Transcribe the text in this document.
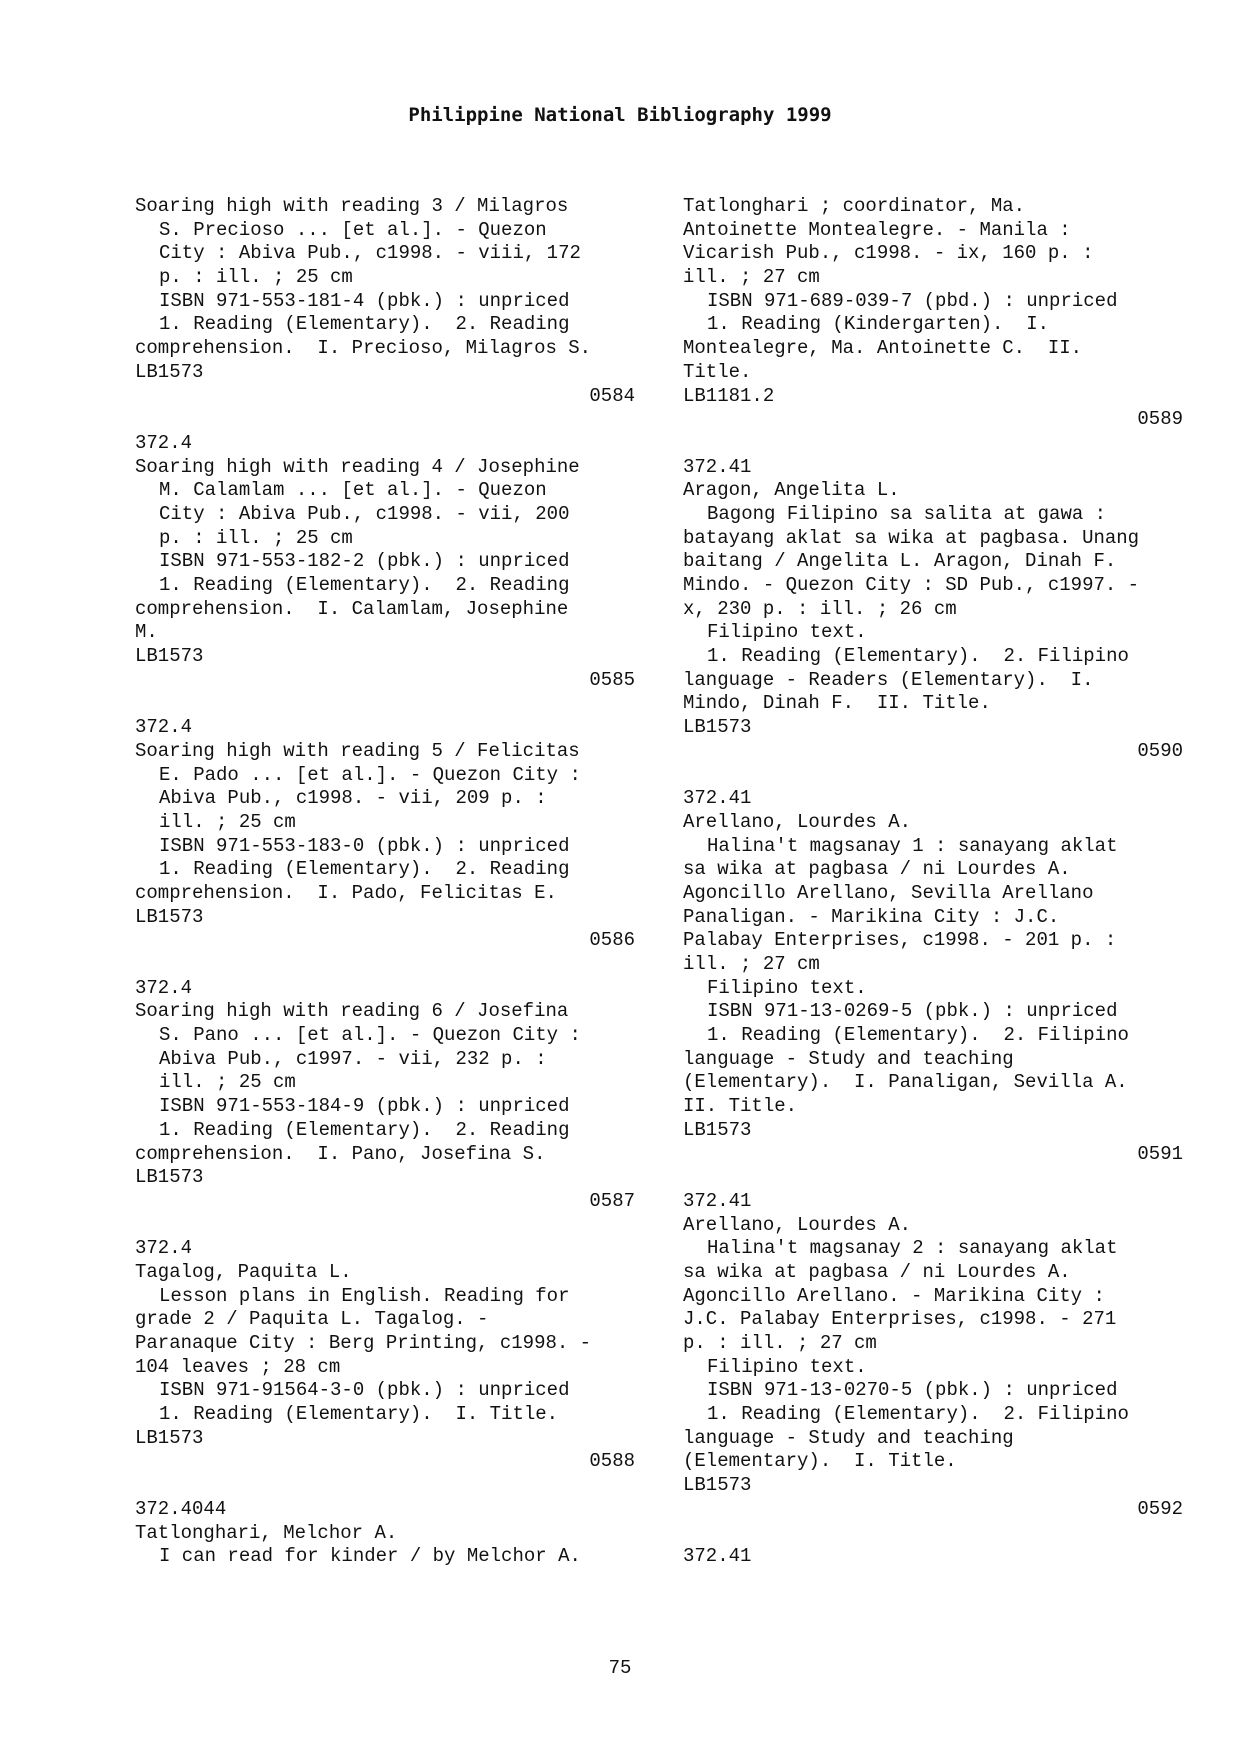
Philippine National Bibliography 1999
Soaring high with reading 3 / Milagros
S. Precioso ... [et al.]. - Quezon
City : Abiva Pub., c1998. - viii, 172
p. : ill. ; 25 cm
ISBN 971-553-181-4 (pbk.) : unpriced
1. Reading (Elementary).  2. Reading
comprehension.  I. Precioso, Milagros S.
LB1573
0584
372.4
Soaring high with reading 4 / Josephine
M. Calamlam ... [et al.]. - Quezon
City : Abiva Pub., c1998. - vii, 200
p. : ill. ; 25 cm
ISBN 971-553-182-2 (pbk.) : unpriced
1. Reading (Elementary).  2. Reading
comprehension.  I. Calamlam, Josephine
M.
LB1573
0585
372.4
Soaring high with reading 5 / Felicitas
E. Pado ... [et al.]. - Quezon City :
Abiva Pub., c1998. - vii, 209 p. :
ill. ; 25 cm
ISBN 971-553-183-0 (pbk.) : unpriced
1. Reading (Elementary).  2. Reading
comprehension.  I. Pado, Felicitas E.
LB1573
0586
372.4
Soaring high with reading 6 / Josefina
S. Pano ... [et al.]. - Quezon City :
Abiva Pub., c1997. - vii, 232 p. :
ill. ; 25 cm
ISBN 971-553-184-9 (pbk.) : unpriced
1. Reading (Elementary).  2. Reading
comprehension.  I. Pano, Josefina S.
LB1573
0587
372.4
Tagalog, Paquita L.
Lesson plans in English. Reading for
grade 2 / Paquita L. Tagalog. -
Paranaque City : Berg Printing, c1998. -
104 leaves ; 28 cm
ISBN 971-91564-3-0 (pbk.) : unpriced
1. Reading (Elementary).  I. Title.
LB1573
0588
372.4044
Tatlonghari, Melchor A.
I can read for kinder / by Melchor A.
Tatlonghari ; coordinator, Ma.
Antoinette Montealegre. - Manila :
Vicarish Pub., c1998. - ix, 160 p. :
ill. ; 27 cm
ISBN 971-689-039-7 (pbd.) : unpriced
1. Reading (Kindergarten).  I.
Montealegre, Ma. Antoinette C.  II.
Title.
LB1181.2
0589
372.41
Aragon, Angelita L.
Bagong Filipino sa salita at gawa :
batayang aklat sa wika at pagbasa. Unang
baitang / Angelita L. Aragon, Dinah F.
Mindo. - Quezon City : SD Pub., c1997. -
x, 230 p. : ill. ; 26 cm
Filipino text.
1. Reading (Elementary).  2. Filipino
language - Readers (Elementary).  I.
Mindo, Dinah F.  II. Title.
LB1573
0590
372.41
Arellano, Lourdes A.
Halina't magsanay 1 : sanayang aklat
sa wika at pagbasa / ni Lourdes A.
Agoncillo Arellano, Sevilla Arellano
Panaligan. - Marikina City : J.C.
Palabay Enterprises, c1998. - 201 p. :
ill. ; 27 cm
Filipino text.
ISBN 971-13-0269-5 (pbk.) : unpriced
1. Reading (Elementary).  2. Filipino
language - Study and teaching
(Elementary).  I. Panaligan, Sevilla A.
II. Title.
LB1573
0591
372.41
Arellano, Lourdes A.
Halina't magsanay 2 : sanayang aklat
sa wika at pagbasa / ni Lourdes A.
Agoncillo Arellano. - Marikina City :
J.C. Palabay Enterprises, c1998. - 271
p. : ill. ; 27 cm
Filipino text.
ISBN 971-13-0270-5 (pbk.) : unpriced
1. Reading (Elementary).  2. Filipino
language - Study and teaching
(Elementary).  I. Title.
LB1573
0592
372.41
75
